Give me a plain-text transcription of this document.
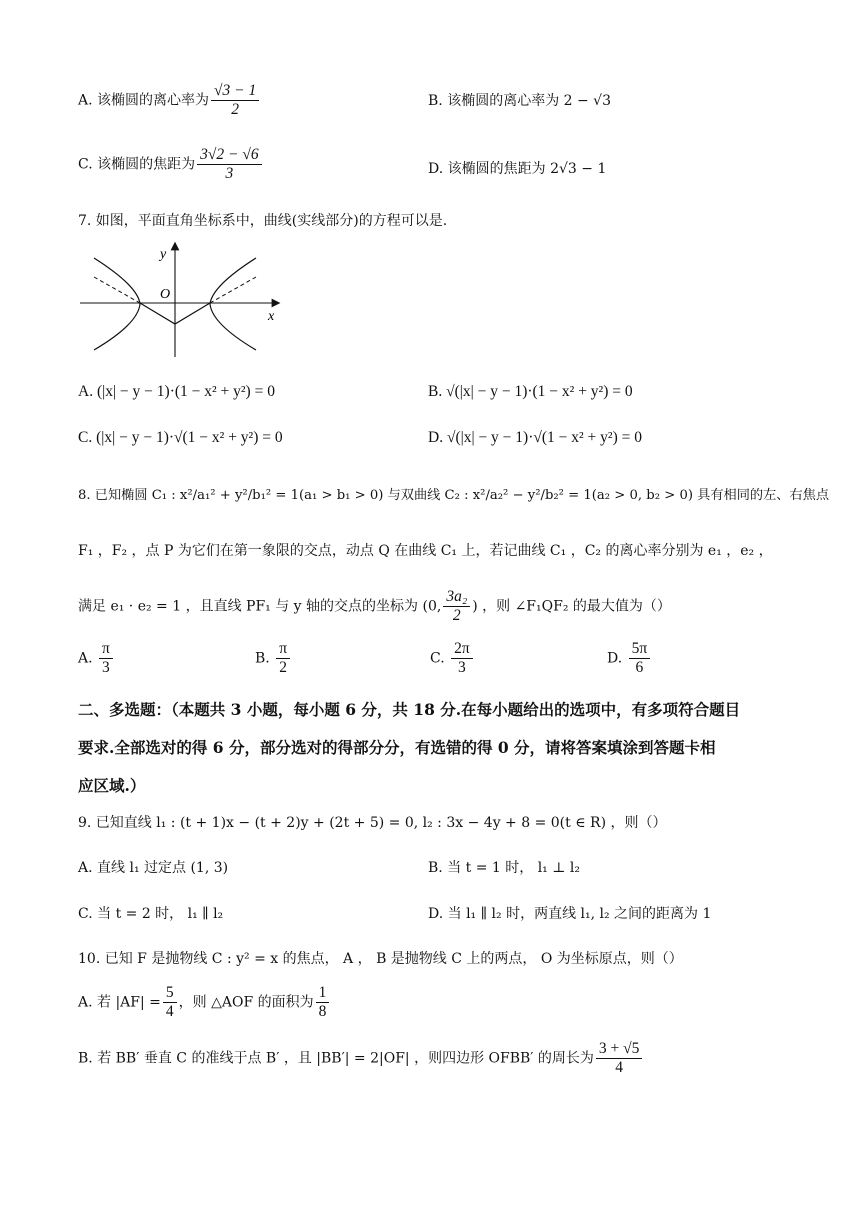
A. 该椭圆的离心率为 $\frac{√3 - 1}{2}$	B. 该椭圆的离心率为 2 − √3
C. 该椭圆的焦距为 $\frac{3√2 - √6}{3}$	D. 该椭圆的焦距为 2√3 − 1
7. 如图，平面直角坐标系中，曲线(实线部分)的方程可以是.
y
O
x
A. (|x| − y − 1)·(1 − x² + y²) = 0	B. √(|x| − y − 1)·(1 − x² + y²) = 0
C. (|x| − y − 1)·√(1 − x² + y²) = 0	D. √(|x| − y − 1)·√(1 − x² + y²) = 0
8. 已知椭圆 C₁ : x²/a₁² + y²/b₁² = 1(a₁ > b₁ > 0) 与双曲线 C₂ : x²/a₂² − y²/b₂² = 1(a₂ > 0, b₂ > 0) 具有相同的左、右焦点
F₁ ，F₂ ，点 P 为它们在第一象限的交点，动点 Q 在曲线 C₁ 上，若记曲线 C₁ ，C₂ 的离心率分别为 e₁ ，e₂ ，
满足 e₁ · e₂ = 1 ，且直线 PF₁ 与 y 轴的交点的坐标为 (0, $\frac{\text{3a₂}}{2}$ ) ，则 ∠F₁QF₂ 的最大值为（）
A. $\frac{\pi}{3}$	B. $\frac{\pi}{2}$	C. $\frac{2\pi}{3}$	D. $\frac{5\pi}{6}$
二、多选题：（本题共 3 小题，每小题 6 分，共 18 分.在每小题给出的选项中，有多项符合题目
要求.全部选对的得 6 分，部分选对的得部分分，有选错的得 0 分，请将答案填涂到答题卡相
应区域.）
9. 已知直线 l₁ : (t + 1)x − (t + 2)y + (2t + 5) = 0, l₂ : 3x − 4y + 8 = 0(t ∈ R) ，则（）
A. 直线 l₁ 过定点 (1, 3)	B. 当 t = 1 时， l₁ ⊥ l₂
C. 当 t = 2 时， l₁ ∥ l₂	D. 当 l₁ ∥ l₂ 时，两直线 l₁, l₂ 之间的距离为 1
10. 已知 F 是抛物线 C : y² = x 的焦点， A ， B 是抛物线 C 上的两点， O 为坐标原点，则（）
A. 若 $|AF| = \frac{5}{4}$ ，则 △AOF 的面积为 $\frac{1}{8}$
B. 若 BB′ 垂直 C 的准线于点 B′ ，且 |BB′| = 2|OF| ，则四边形 OFBB′ 的周长为 $\frac{3 + √5}{4}$
